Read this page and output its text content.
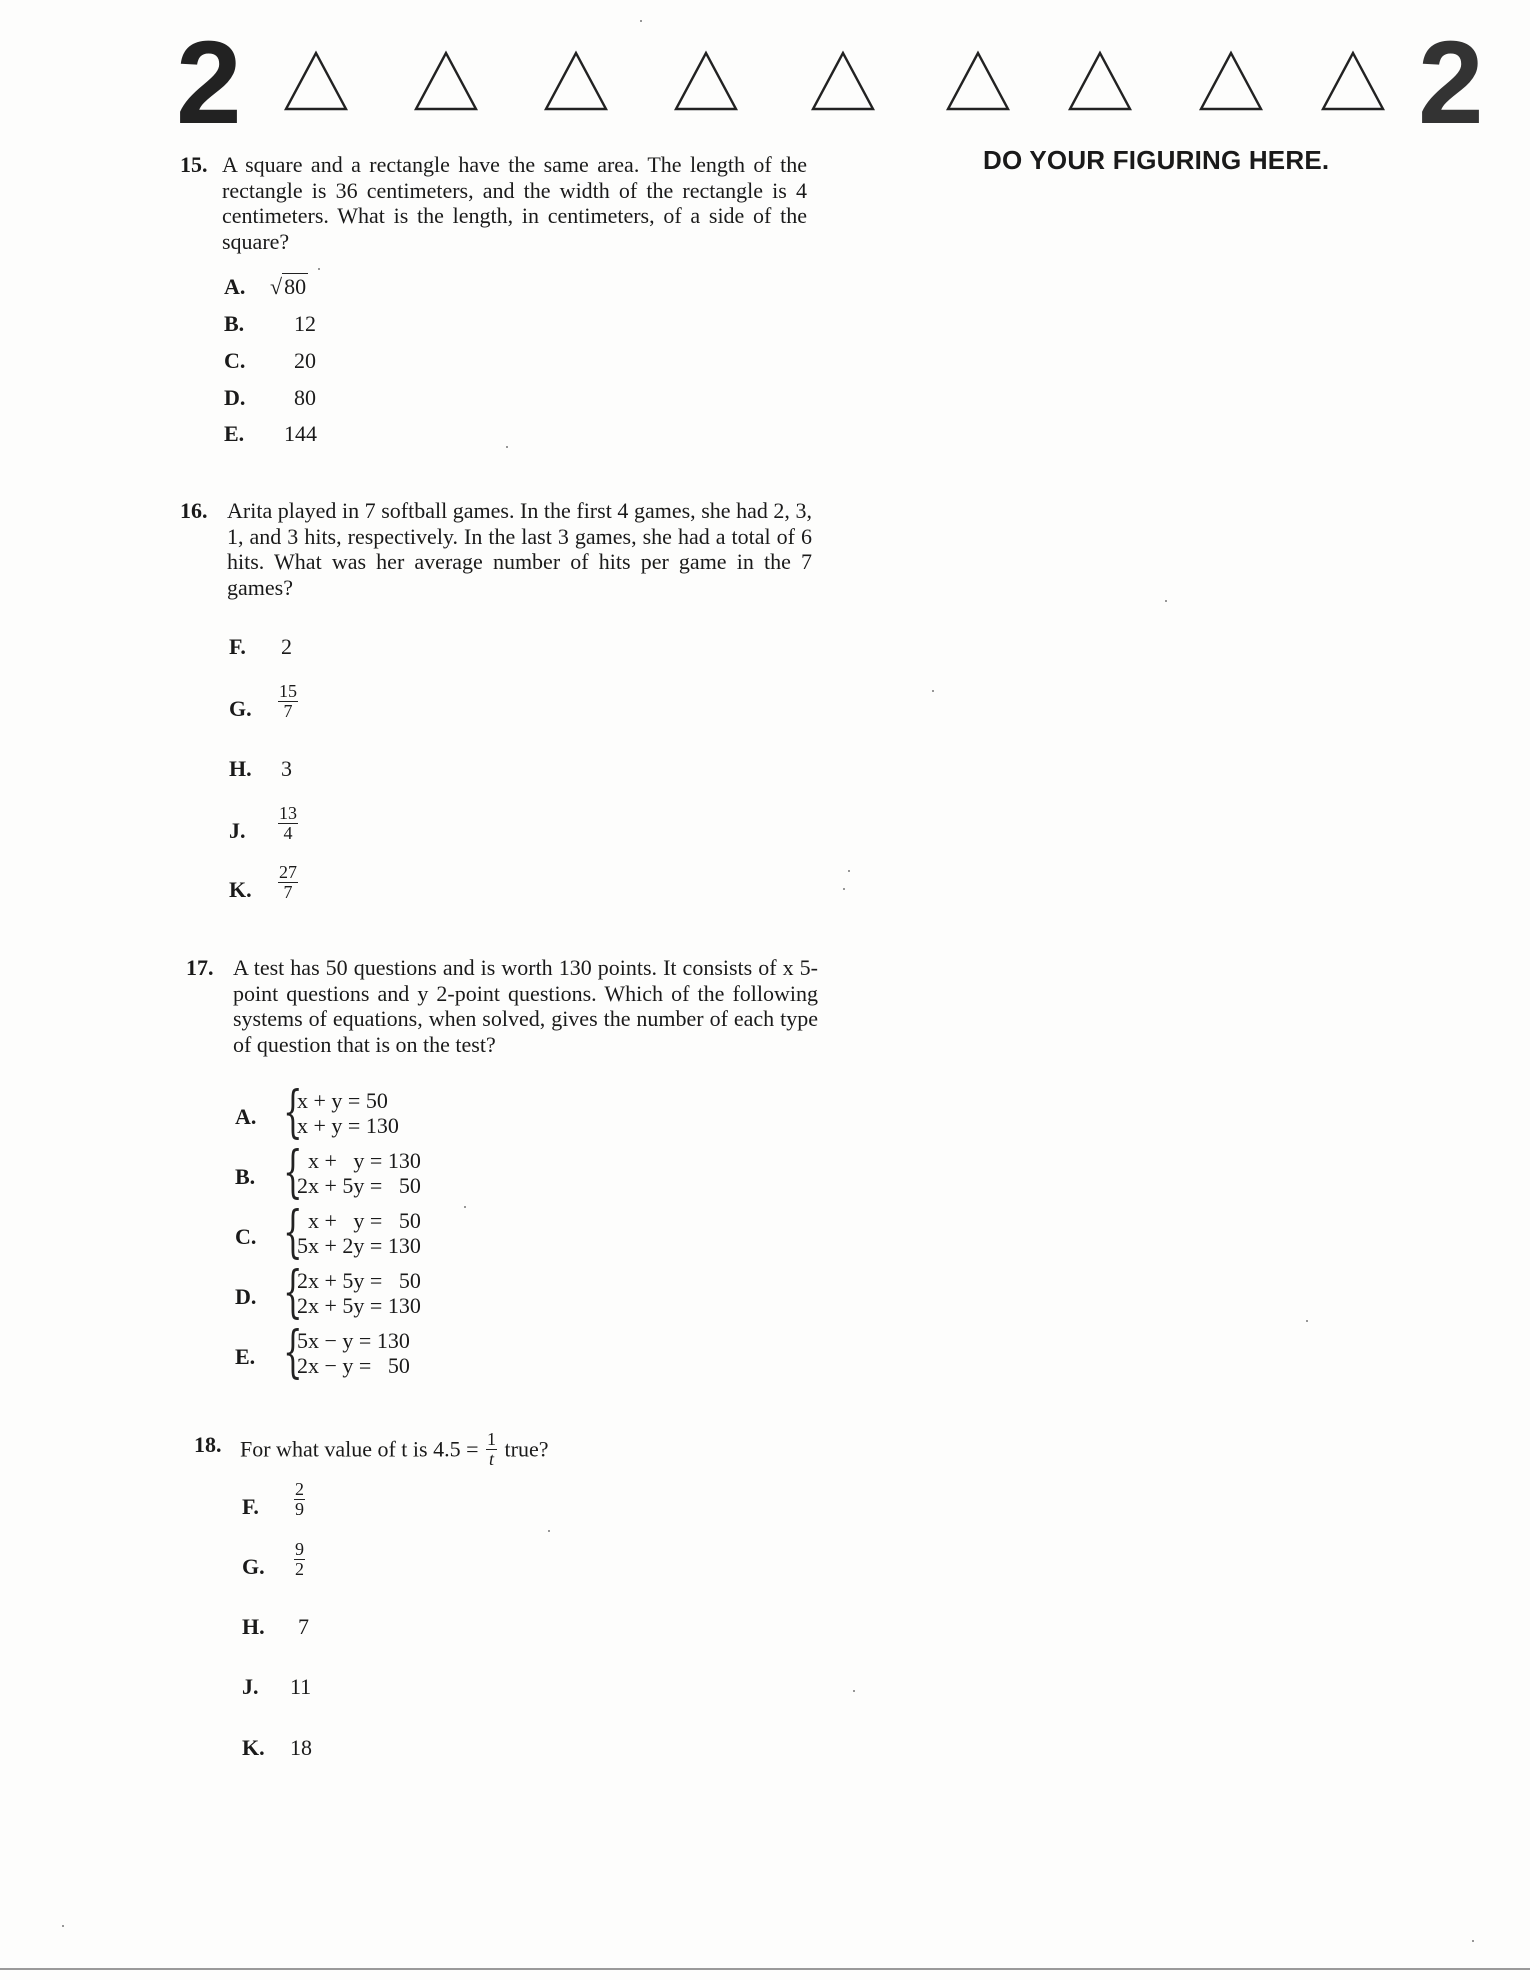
2	2
DO YOUR FIGURING HERE.
15. A square and a rectangle have the same area. The length of the rectangle is 36 centimeters, and the width of the rectangle is 4 centimeters. What is the length, in centimeters, of a side of the square?

A. √80
B. 12
C. 20
D. 80
E. 144
16. Arita played in 7 softball games. In the first 4 games, she had 2, 3, 1, and 3 hits, respectively. In the last 3 games, she had a total of 6 hits. What was her average number of hits per game in the 7 games?

F. 2
G. $\frac{15}{7}$
H. 3
J. $\frac{13}{4}$
K. $\frac{27}{7}$
17. A test has 50 questions and is worth 130 points. It consists of x 5-point questions and y 2-point questions. Which of the following systems of equations, when solved, gives the number of each type of question that is on the test?

A. {
x + y = 50
x + y = 130
B. {
x +   y = 130
2x + 5y =   50
C. {
x +   y =   50
5x + 2y = 130
D. {
2x + 5y =   50
2x + 5y = 130
E. {
5x − y = 130
2x − y =   50
18. For what value of t is $4.5 = \frac{1}{t}$ true?
F. $\frac{2}{9}$
G. $\frac{9}{2}$
H. 7
J. 11
K. 18
